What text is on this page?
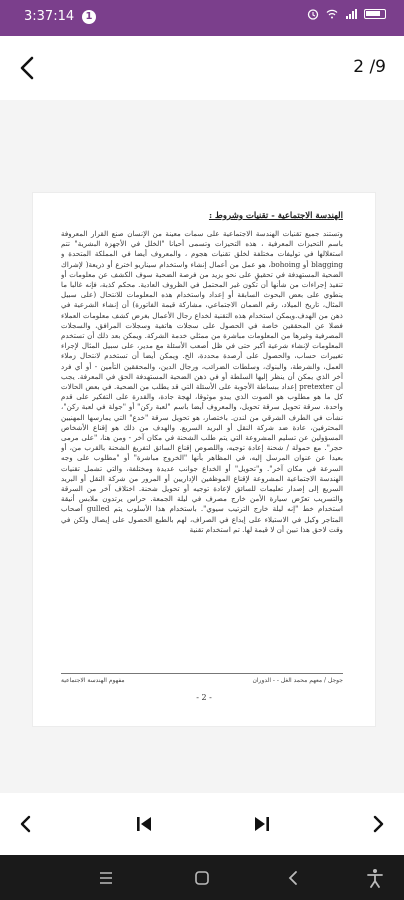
3:37:14	1
2 /9
الهندسة الاجتماعية - تقنيات وشروط :
وتستند جميع تقنيات الهندسة الاجتماعية على سمات معينة من الإنسان صنع القرار المعروفة باسم التحيزات المعرفية ، هذه التحيزات وتسمى أحيانا "الخلل في الأجهزة البشرية" تتم استغلالها في توليفات مختلفة لخلق تقنيات هجوم ، والمعروف أيضا في المملكة المتحدة و blagging أو bohoing، هو عمل من أعمال إنشاء واستخدام سيناريو اخترع أو ذريعة( لإشراك الضحية المستهدفة في تحقيقٍ على نحو يزيد من فرصة الضحية سوف الكشف عن معلومات أو تنفيذ إجراءات من شأنها أن تكون غير المحتمل في الظروف العادية. محكم كذبة، فإنه غالبا ما ينطوي على بعض البحوث السابقة أو إعداد واستخدام هذه المعلومات للانتحال (على سبيل المثال، تاريخ الميلاد، رقم الضمان الاجتماعي، مشاركة قيمة الفاتورة) أن إنشاء الشرعية في ذهن من الهدف.ويمكن استخدام هذه التقنية لخداع رجال الأعمال بغرض كشف معلومات العملاء فضلا عن المحققين خاصة في الحصول على سجلات هاتفية وسجلات المرافق، والسجلات المصرفية وغيرها من المعلومات مباشرة من ممثلي خدمة الشركة. ويمكن بعد ذلك أن تستخدم المعلومات لإنشاء شرعية أكبر حتى في ظل أصعب الأسئلة مع مدير، على سبيل المثال لإجراء تغييرات حساب، والحصول على أرصدة محددة، الخ. ويمكن أيضا أن تستخدم لانتحال زملاء العمل، والشرطة، والبنوك، وسلطات الضرائب، ورجال الدين، والمحققين التأمين - أو أي فرد آخر الذي يمكن أن ينظر إليها السلطة أو في ذهن الضحية المستهدفة الحق في المعرفة. يجب أن pretexter إعداد ببساطة الأجوبة على الأسئلة التي قد يطلب من الضحية. في بعض الحالات كل ما هو مطلوب هو الصوت الذي يبدو موثوقا، لهجة جادة، والقدرة على التفكير على قدم واحدة. سرقة تحويل سرقة تحويل، والمعروف أيضا باسم "لعبة ركن" أو "جولة في لعبة ركن"، نشأت في الطرف الشرقي من لندن. باختصار، هو تحويل سرقة "خدع" التي يمارسها المهنيين المحترفين، عادة ضد شركة النقل أو البريد السريع. والهدف من ذلك هو إقناع الأشخاص المسؤولين عن تسليم المشروعة التي يتم طلب الشحنة في مكان آخر - ومن هنا، "على مرمى حجر". مع حمولة / شحنة إعادة توجيه، واللصوص إقناع السائق لتفريغ الشحنة بالقرب من، أو بعيدا عن عنوان المرسل إليه، في المظاهر بأنها "الخروج مباشرة" أو "مطلوب على وجه السرعة في مكان آخر". و"تحويل" أو الخداع جوانب عديدة ومختلفة، والتي تشمل تقنيات الهندسة الاجتماعية المشروعة لإقناع الموظفين الإداريين أو المرور من شركة النقل أو البريد السريع إلى إصدار تعليمات للسائق لإعادة توجيه أو تحويل شحنة. اختلاف آخر من السرقة والتسريب تعرّض سيارة الأمن خارج مصرف في ليلة الجمعة. حراس يرتدون ملابس أنيقة استخدام خط "إنه ليلة خارج الترتيب سيوي". باستخدام هذا الأسلوب يتم gulled أصحاب المتاجر وكيل في الاستيلاء على إيداع في الصراف، لهم بالطبع الحصول على إيصال ولكن في وقت لاحق هذا تبين أن لا قيمة لها. تم استخدام تقنية
جوجل / معهم محمد الغل - - الدوران
مفهوم الهندسة الاجتماعية
- 2 -
